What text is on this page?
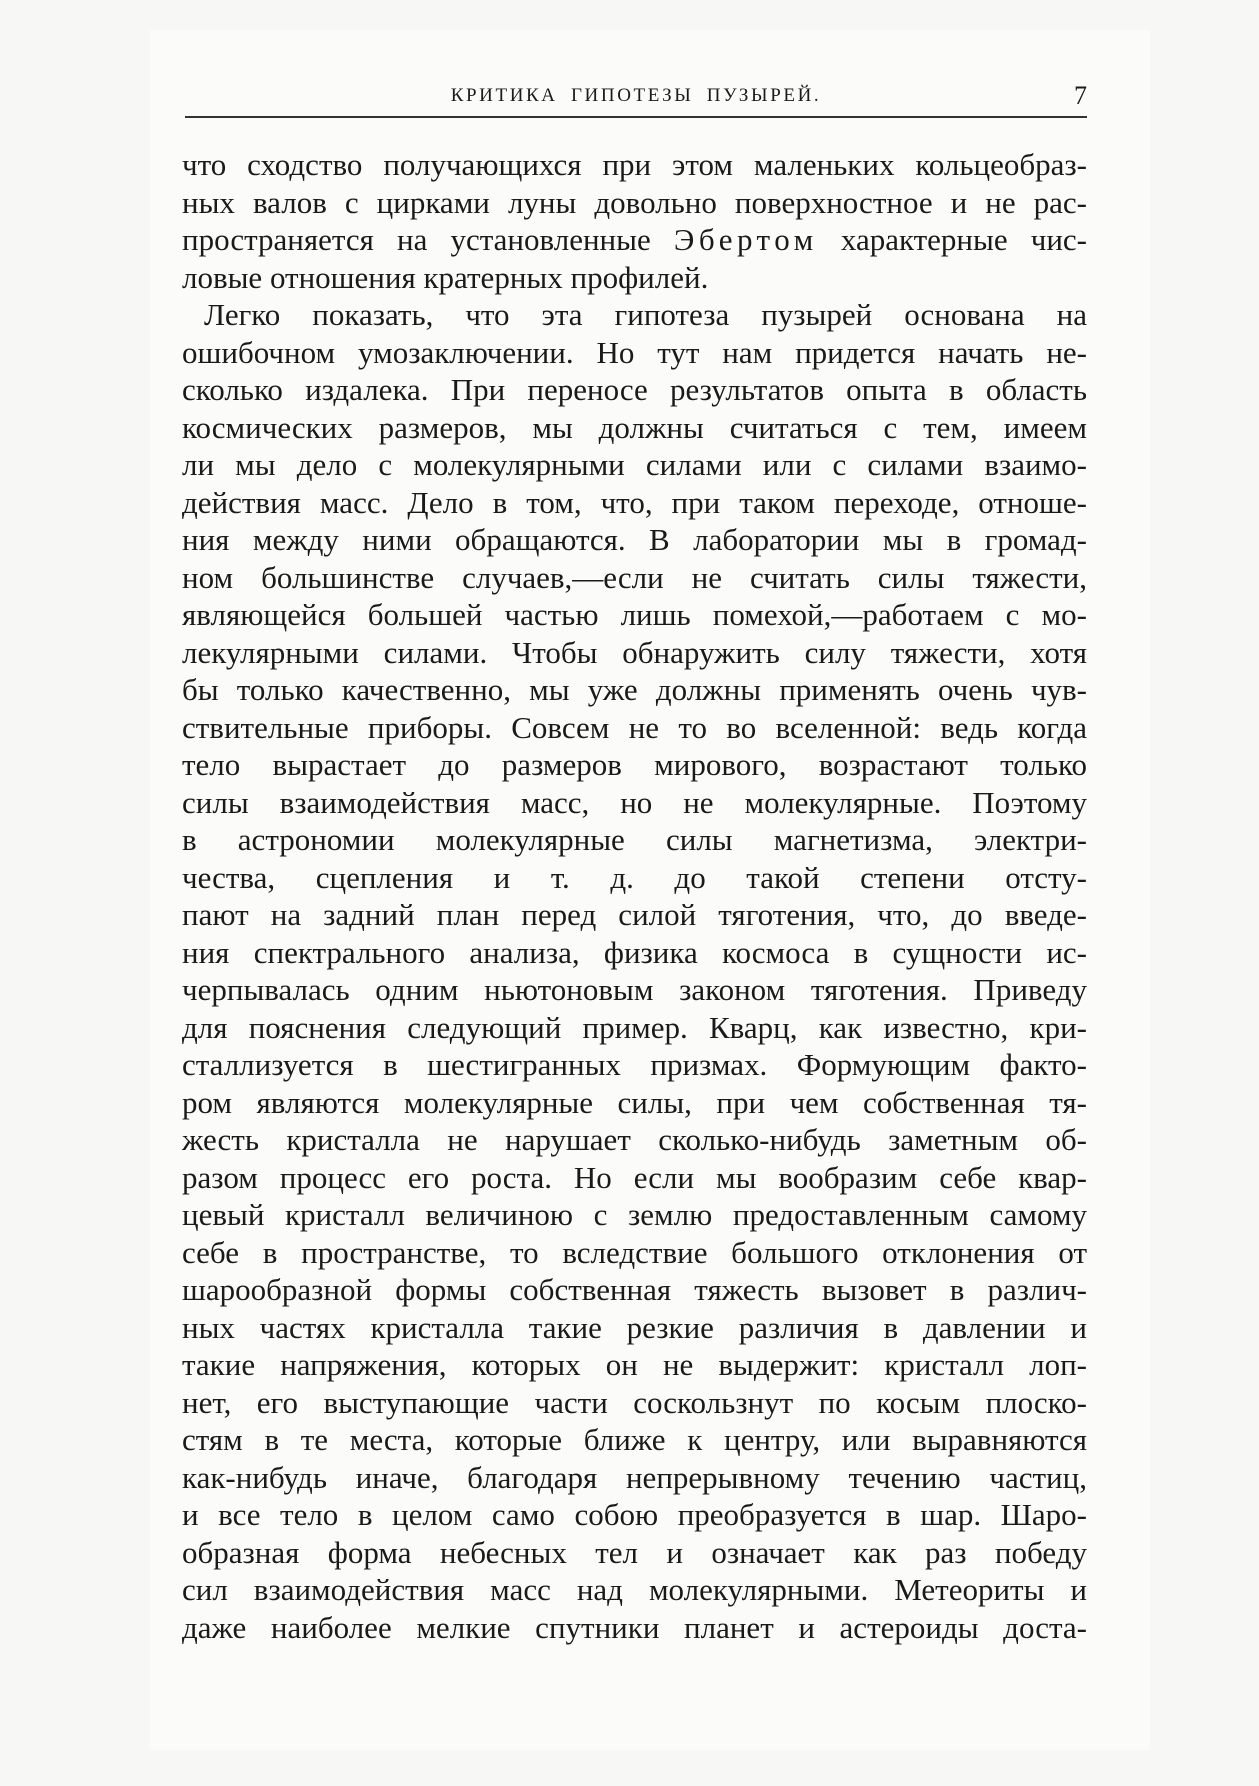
КРИТИКА ГИПОТЕЗЫ ПУЗЫРЕЙ.	7
что сходство получающихся при этом маленьких кольцеобраз-
ных валов с цирками луны довольно поверхностное и не рас-
пространяется на установленные Эбертом характерные чис-
ловые отношения кратерных профилей.
Легко показать, что эта гипотеза пузырей основана на
ошибочном умозаключении. Но тут нам придется начать не-
сколько издалека. При переносе результатов опыта в область
космических размеров, мы должны считаться с тем, имеем
ли мы дело с молекулярными силами или с силами взаимо-
действия масс. Дело в том, что, при таком переходе, отноше-
ния между ними обращаются. В лаборатории мы в громад-
ном большинстве случаев,—если не считать силы тяжести,
являющейся большей частью лишь помехой,—работаем с мо-
лекулярными силами. Чтобы обнаружить силу тяжести, хотя
бы только качественно, мы уже должны применять очень чув-
ствительные приборы. Совсем не то во вселенной: ведь когда
тело вырастает до размеров мирового, возрастают только
силы взаимодействия масс, но не молекулярные. Поэтому
в астрономии молекулярные силы магнетизма, электри-
чества, сцепления и т. д. до такой степени отсту-
пают на задний план перед силой тяготения, что, до введе-
ния спектрального анализа, физика космоса в сущности ис-
черпывалась одним ньютоновым законом тяготения. Приведу
для пояснения следующий пример. Кварц, как известно, кри-
сталлизуется в шестигранных призмах. Формующим факто-
ром являются молекулярные силы, при чем собственная тя-
жесть кристалла не нарушает сколько-нибудь заметным об-
разом процесс его роста. Но если мы вообразим себе квар-
цевый кристалл величиною с землю предоставленным самому
себе в пространстве, то вследствие большого отклонения от
шарообразной формы собственная тяжесть вызовет в различ-
ных частях кристалла такие резкие различия в давлении и
такие напряжения, которых он не выдержит: кристалл лоп-
нет, его выступающие части соскользнут по косым плоско-
стям в те места, которые ближе к центру, или выравняются
как-нибудь иначе, благодаря непрерывному течению частиц,
и все тело в целом само собою преобразуется в шар. Шаро-
образная форма небесных тел и означает как раз победу
сил взаимодействия масс над молекулярными. Метеориты и
даже наиболее мелкие спутники планет и астероиды доста-
